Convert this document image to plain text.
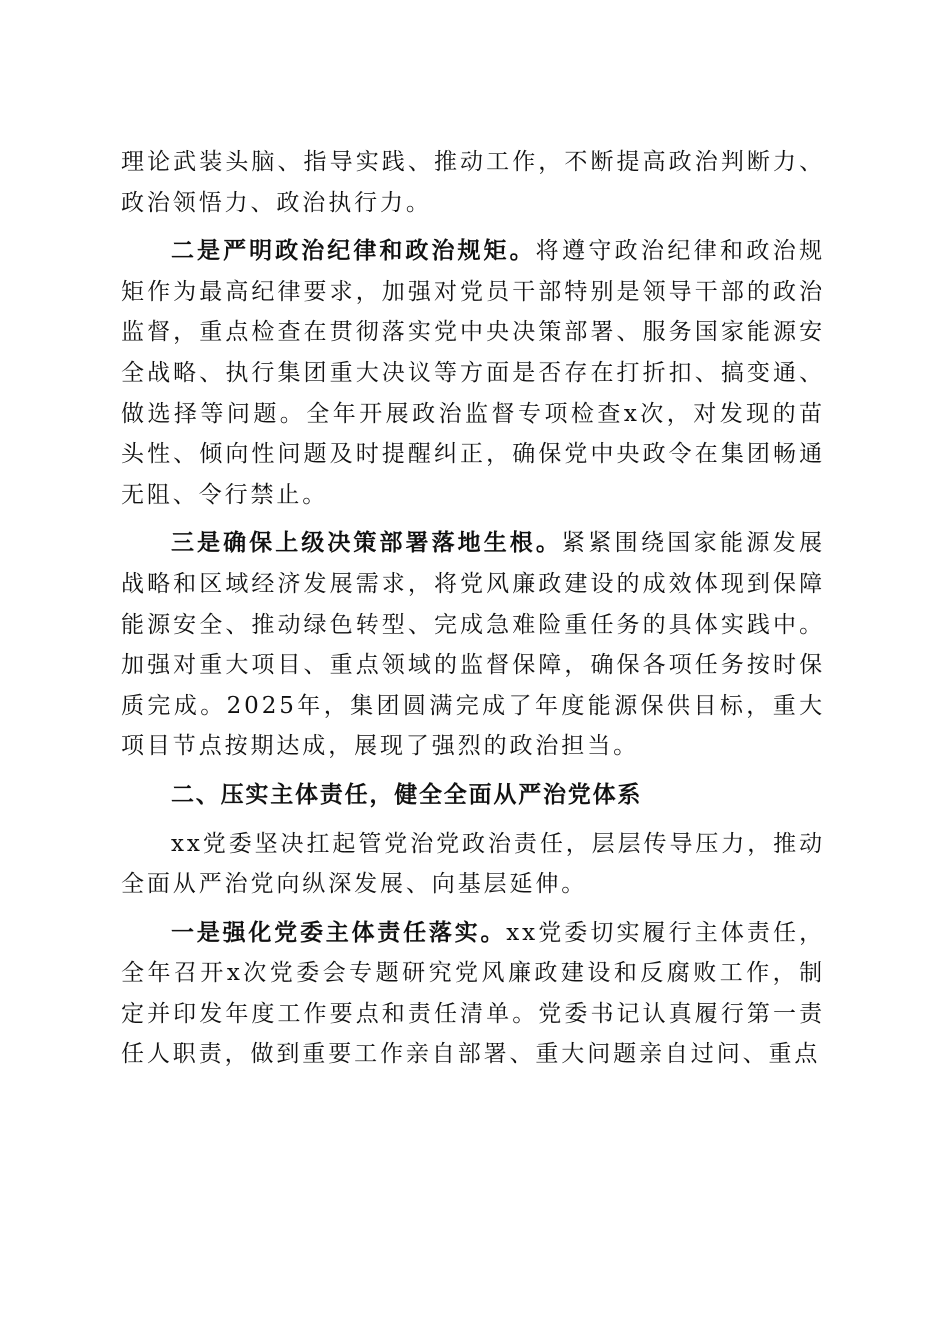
理论武装头脑、指导实践、推动工作，不断提高政治判断力、政治领悟力、政治执行力。

二是严明政治纪律和政治规矩。将遵守政治纪律和政治规矩作为最高纪律要求，加强对党员干部特别是领导干部的政治监督，重点检查在贯彻落实党中央决策部署、服务国家能源安全战略、执行集团重大决议等方面是否存在打折扣、搞变通、做选择等问题。全年开展政治监督专项检查x次，对发现的苗头性、倾向性问题及时提醒纠正，确保党中央政令在集团畅通无阻、令行禁止。

三是确保上级决策部署落地生根。紧紧围绕国家能源发展战略和区域经济发展需求，将党风廉政建设的成效体现到保障能源安全、推动绿色转型、完成急难险重任务的具体实践中。加强对重大项目、重点领域的监督保障，确保各项任务按时保质完成。2025年，集团圆满完成了年度能源保供目标，重大项目节点按期达成，展现了强烈的政治担当。

二、压实主体责任，健全全面从严治党体系

xx党委坚决扛起管党治党政治责任，层层传导压力，推动全面从严治党向纵深发展、向基层延伸。

一是强化党委主体责任落实。xx党委切实履行主体责任，全年召开x次党委会专题研究党风廉政建设和反腐败工作，制定并印发年度工作要点和责任清单。党委书记认真履行第一责任人职责，做到重要工作亲自部署、重大问题亲自过问、重点
